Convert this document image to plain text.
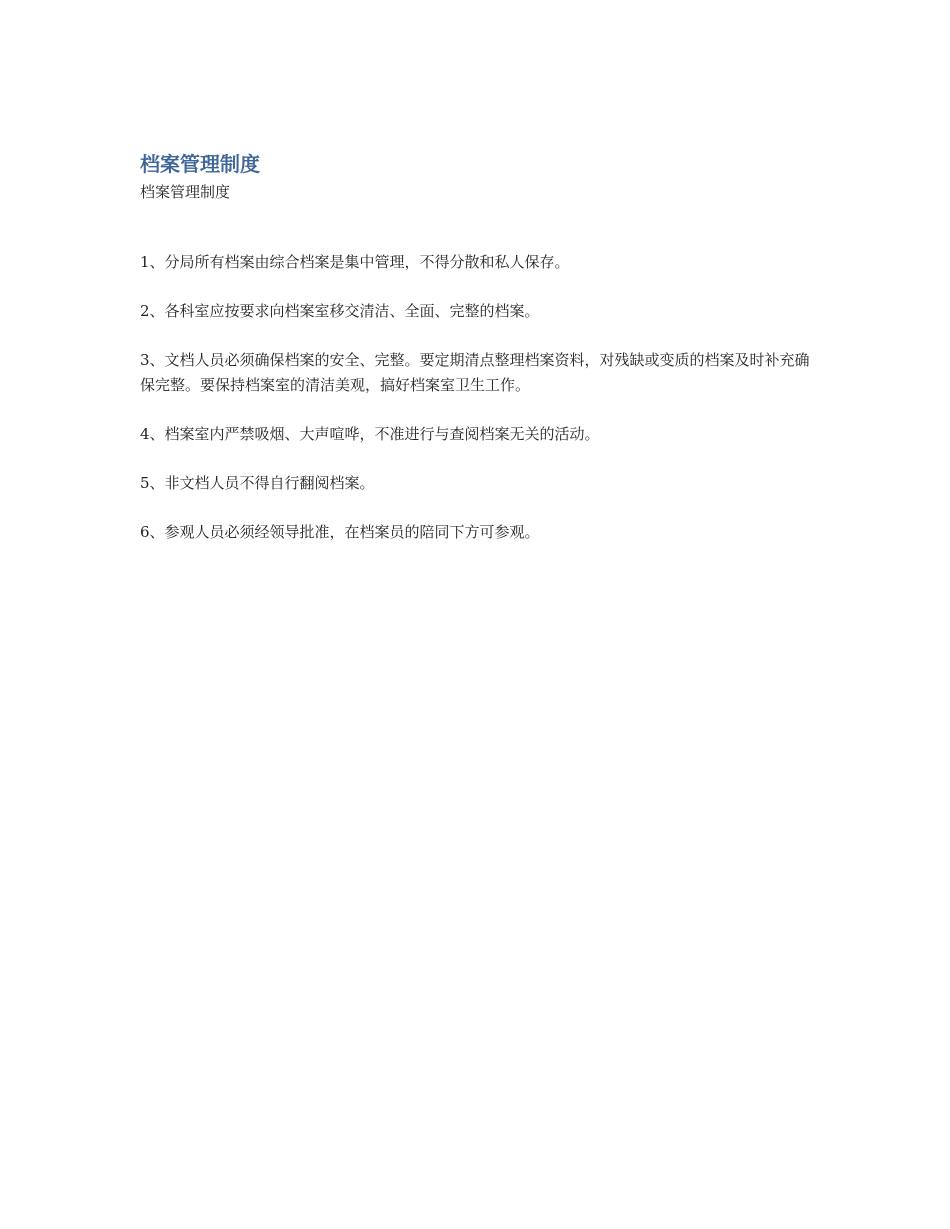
档案管理制度

档案管理制度

1、分局所有档案由综合档案是集中管理，不得分散和私人保存。

2、各科室应按要求向档案室移交清洁、全面、完整的档案。

3、文档人员必须确保档案的安全、完整。要定期清点整理档案资料，对残缺或变质的档案及时补充确保完整。要保持档案室的清洁美观，搞好档案室卫生工作。

4、档案室内严禁吸烟、大声喧哗，不准进行与查阅档案无关的活动。

5、非文档人员不得自行翻阅档案。

6、参观人员必须经领导批准，在档案员的陪同下方可参观。
